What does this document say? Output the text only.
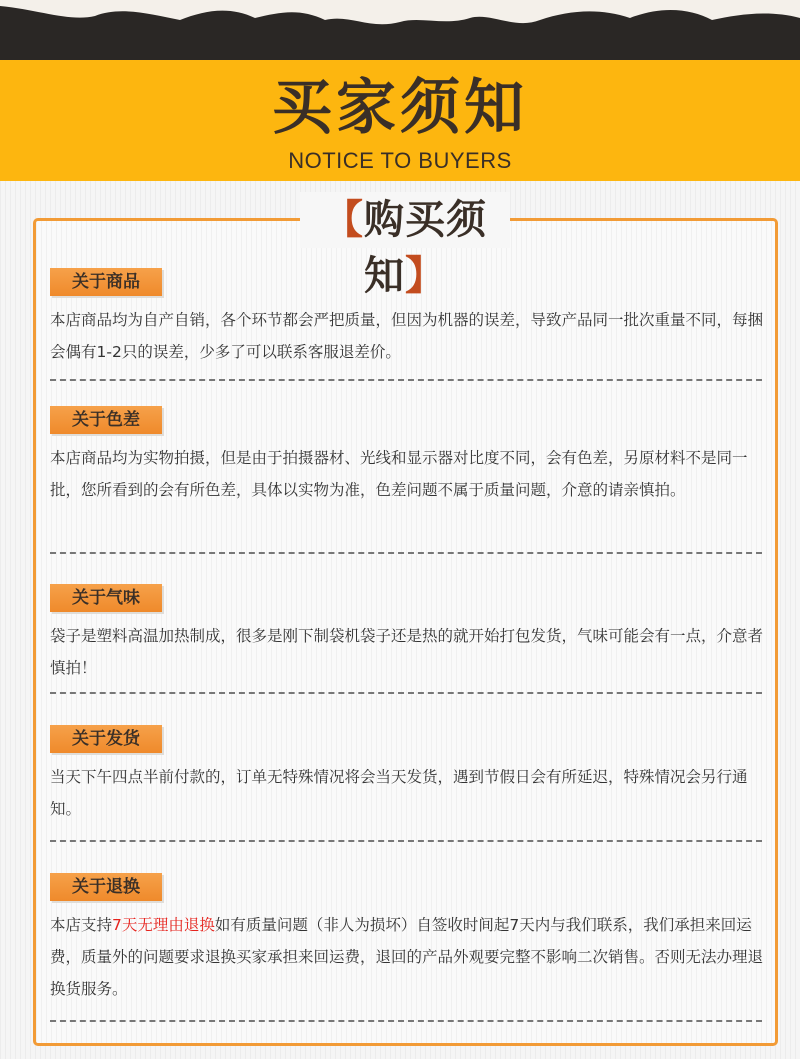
买家须知
NOTICE TO BUYERS
【购买须知】
关于商品
本店商品均为自产自销，各个环节都会严把质量，但因为机器的误差，导致产品同一批次重量不同，每捆会偶有1-2只的误差，少多了可以联系客服退差价。
关于色差
本店商品均为实物拍摄，但是由于拍摄器材、光线和显示器对比度不同，会有色差，另原材料不是同一批，您所看到的会有所色差，具体以实物为准，色差问题不属于质量问题，介意的请亲慎拍。
关于气味
袋子是塑料高温加热制成，很多是刚下制袋机袋子还是热的就开始打包发货，气味可能会有一点，介意者慎拍！
关于发货
当天下午四点半前付款的，订单无特殊情况将会当天发货，遇到节假日会有所延迟，特殊情况会另行通知。
关于退换
本店支持7天无理由退换如有质量问题（非人为损坏）自签收时间起7天内与我们联系，我们承担来回运费，质量外的问题要求退换买家承担来回运费，退回的产品外观要完整不影响二次销售。否则无法办理退换货服务。
